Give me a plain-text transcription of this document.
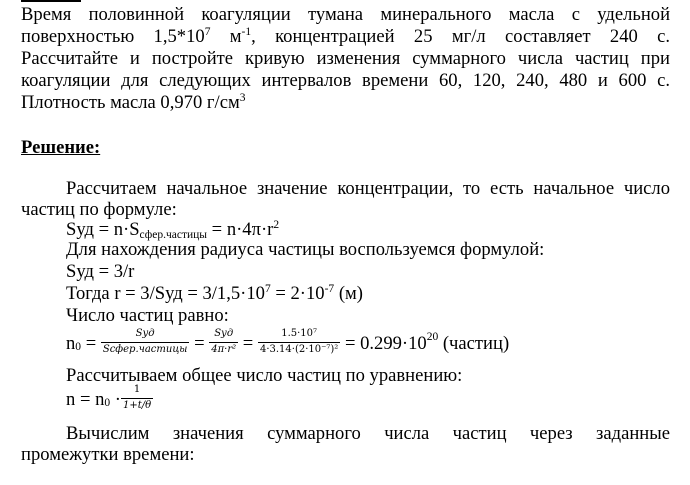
Время половинной коагуляции тумана минерального масла с удельной
поверхностью $1,5*10^7$ $м^{-1}$, концентрацией 25 мг/л составляет 240 с.
Рассчитайте и постройте кривую изменения суммарного числа частиц при
коагуляции для следующих интервалов времени 60, 120, 240, 480 и 600 с.
Плотность масла 0,970 $г/см^3$
Решение:
Рассчитаем начальное значение концентрации, то есть начальное число
частиц по формуле:
Sуд = $n\cdot S_{сфер.частицы} = n\cdot 4\pi\cdot r^2$
Для нахождения радиуса частицы воспользуемся формулой:
Sуд = 3/r
Тогда $r = 3/Sуд = 3/1,5\cdot 10^7 = 2\cdot 10^{-7}$ (м)
Число частиц равно:
$n_0 = \frac{\text{Sуд}}{\text{Sсфер.частицы}} = \frac{\text{Sуд}}{\text{4π·r²}} = \frac{\text{1.5·10⁷}}{\text{4·3.14·(2·10⁻⁷)²}} = 0.299\cdot 10^{20}$ (частиц)
Рассчитываем общее число частиц по уравнению:
$n = n_0 \cdot \frac{1}{1+t/\theta}$
Вычислим значения суммарного числа частиц через заданные
промежутки времени:
